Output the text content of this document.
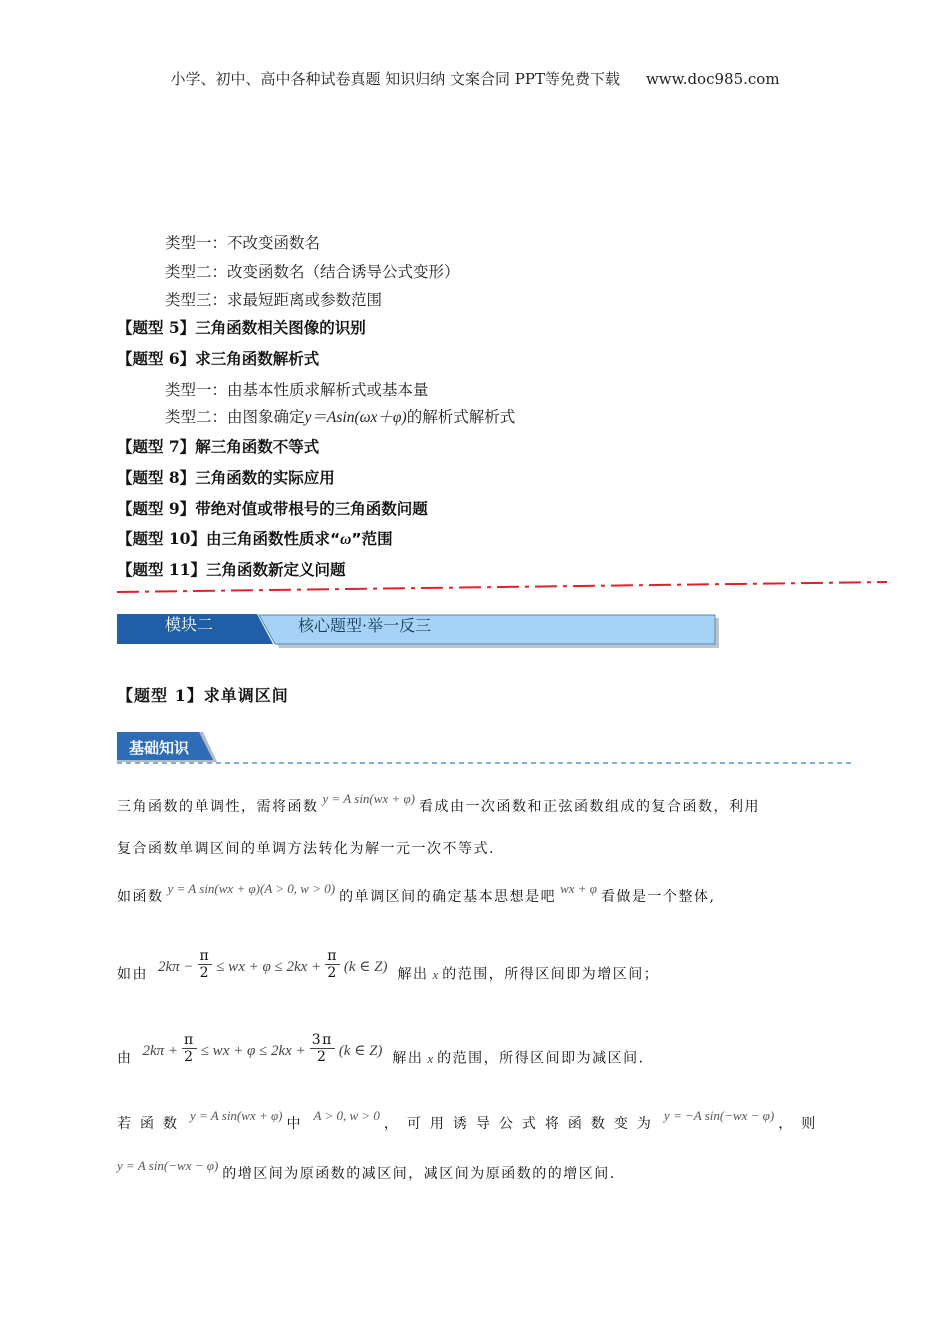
小学、初中、高中各种试卷真题 知识归纳 文案合同 PPT等免费下载 www.doc985.com
类型一：不改变函数名
类型二：改变函数名（结合诱导公式变形）
类型三：求最短距离或参数范围
【题型 5】三角函数相关图像的识别
【题型 6】求三角函数解析式
类型一：由基本性质求解析式或基本量
类型二：由图象确定y＝Asin(ωx＋φ)的解析式解析式
【题型 7】解三角函数不等式
【题型 8】三角函数的实际应用
【题型 9】带绝对值或带根号的三角函数问题
【题型 10】由三角函数性质求“ω”范围
【题型 11】三角函数新定义问题
模块二	核心题型·举一反三
【题型 1】求单调区间
基础知识
三角函数的单调性，需将函数y = A sin(wx + φ)看成由一次函数和正弦函数组成的复合函数，利用
复合函数单调区间的单调方法转化为解一元一次不等式.
如函数y = A sin(wx + φ)(A > 0, w > 0)的单调区间的确定基本思想是吧wx + φ看做是一个整体,
如由 $2k\pi - \frac{\pi}{2}$ ≤ wx + $\varphi \le 2kx + \frac{\pi}{2} (k$ ∈ Z) 解出 x 的范围，所得区间即为增区间；
由 $2k\pi + \frac{\pi}{2}$ ≤ wx + $\varphi \le 2kx + \frac{3\pi}{2} (k$ ∈ Z) 解出 x 的范围，所得区间即为减区间.
若函数y = A sin(wx + φ)中A > 0, w > 0，可用诱导公式将函数变为y = −A sin(−wx − φ)，则
y = A sin(−wx − φ)的增区间为原函数的减区间，减区间为原函数的的增区间.
